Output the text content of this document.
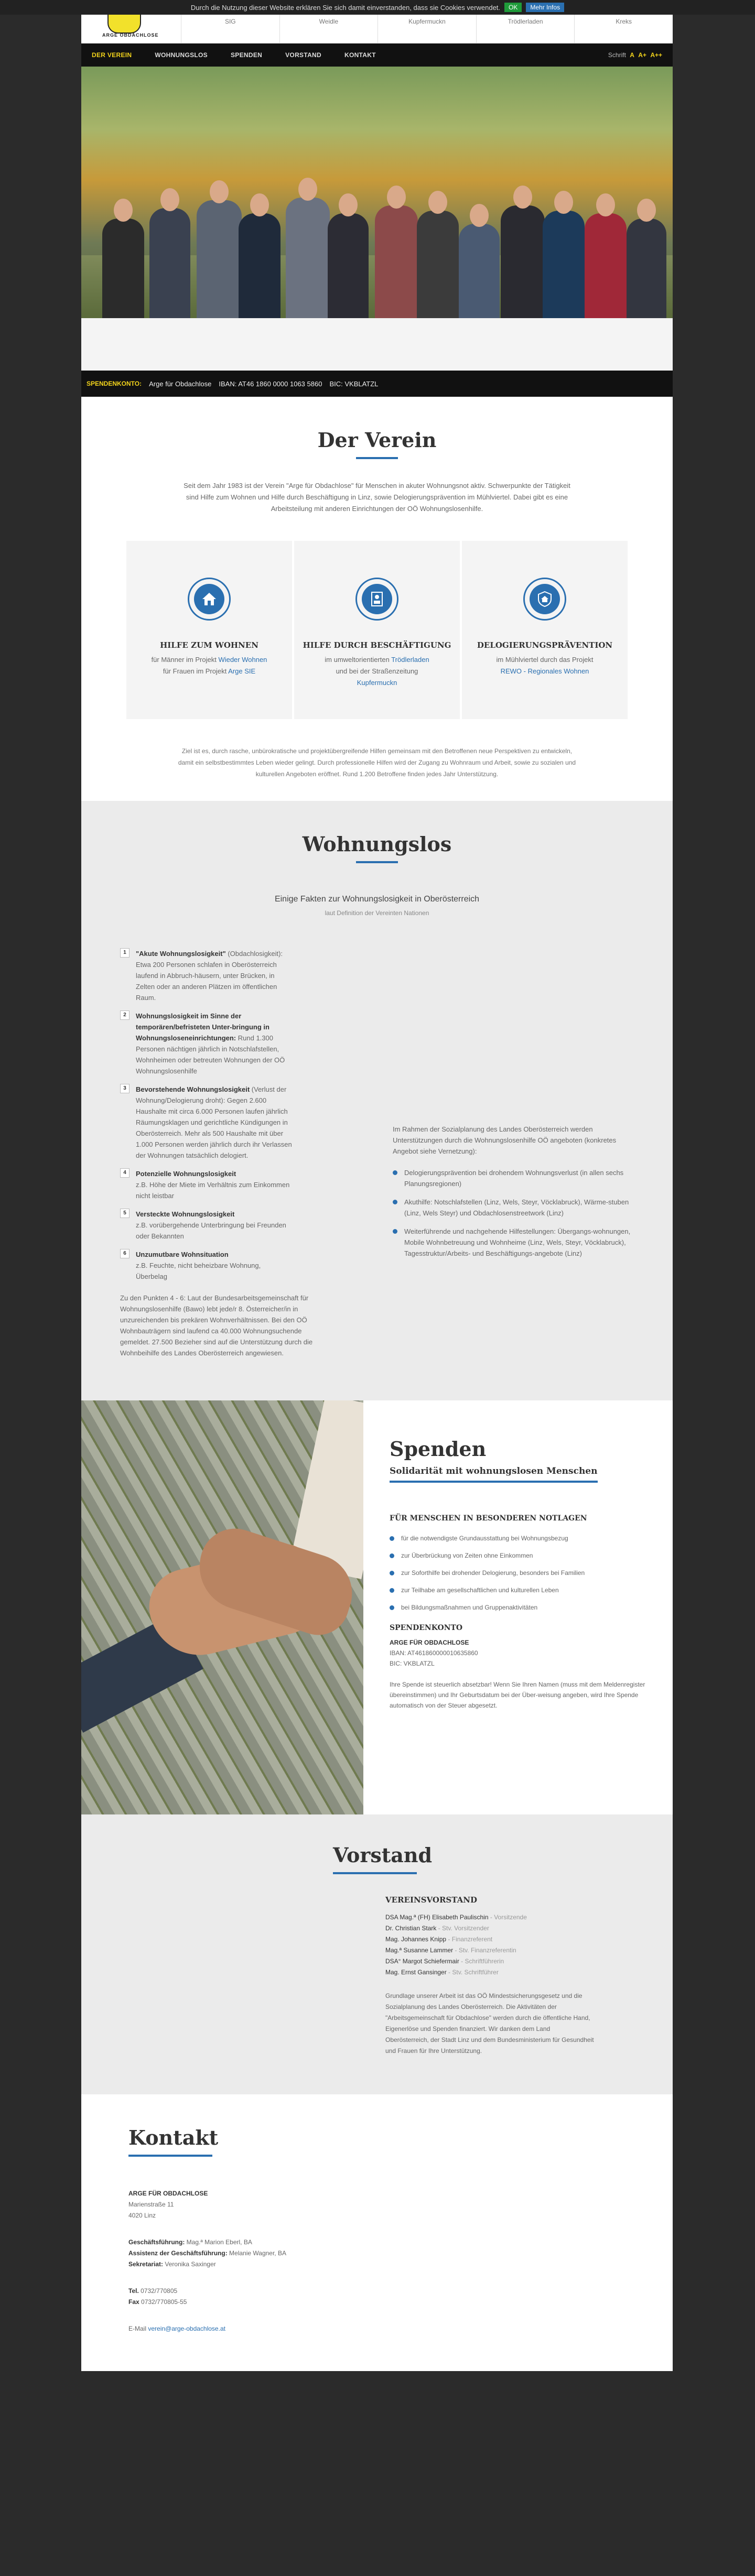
Durch die Nutzung dieser Website erklären Sie sich damit einverstanden, dass sie Cookies verwendet.	OK	Mehr Infos
ARGE OBDACHLOSE
SIG	Weidle	Kupfermuckn	Trödlerladen	Kreks
DER VEREIN	WOHNUNGSLOS	SPENDEN	VORSTAND	KONTAKT	Schrift A A+ A++
SPENDENKONTO: Arge für Obdachlose IBAN: AT46 1860 0000 1063 5860 BIC: VKBLATZL
Der Verein

Seit dem Jahr 1983 ist der Verein "Arge für Obdachlose" für Menschen in akuter Wohnungsnot aktiv. Schwerpunkte der Tätigkeit sind Hilfe zum Wohnen und Hilfe durch Beschäftigung in Linz, sowie Delogierungsprävention im Mühlviertel. Dabei gibt es eine Arbeitsteilung mit anderen Einrichtungen der OÖ Wohnungslosenhilfe.

HILFE ZUM WOHNEN

für Männer im Projekt Wieder Wohnen
für Frauen im Projekt Arge SIE

HILFE DURCH BESCHÄFTIGUNG

im umweltorientierten Trödlerladen
und bei der Straßenzeitung
Kupfermuckn

DELOGIERUNGSPRÄVENTION

im Mühlviertel durch das Projekt
REWO - Regionales Wohnen

Ziel ist es, durch rasche, unbürokratische und projektübergreifende Hilfen gemeinsam mit den Betroffenen neue Perspektiven zu entwickeln, damit ein selbstbestimmtes Leben wieder gelingt. Durch professionelle Hilfen wird der Zugang zu Wohnraum und Arbeit, sowie zu sozialen und kulturellen Angeboten eröffnet. Rund 1.200 Betroffene finden jedes Jahr Unterstützung.

Wohnungslos
Einige Fakten zur Wohnungslosigkeit in Oberösterreich
laut Definition der Vereinten Nationen
1	"Akute Wohnungslosigkeit" (Obdachlosigkeit): Etwa 200 Personen schlafen in Oberösterreich laufend in Abbruch-häusern, unter Brücken, in Zelten oder an anderen Plätzen im öffentlichen Raum.
2	Wohnungslosigkeit im Sinne der temporären/befristeten Unter-bringung in Wohnungsloseneinrichtungen: Rund 1.300 Personen nächtigen jährlich in Notschlafstellen, Wohnheimen oder betreuten Wohnungen der OÖ Wohnungslosenhilfe
3	Bevorstehende Wohnungslosigkeit (Verlust der Wohnung/Delogierung droht): Gegen 2.600 Haushalte mit circa 6.000 Personen laufen jährlich Räumungsklagen und gerichtliche Kündigungen in Oberösterreich. Mehr als 500 Haushalte mit über 1.000 Personen werden jährlich durch ihr Verlassen der Wohnungen tatsächlich delogiert.
4	Potenzielle Wohnungslosigkeit
z.B. Höhe der Miete im Verhältnis zum Einkommen nicht leistbar
5	Versteckte Wohnungslosigkeit
z.B. vorübergehende Unterbringung bei Freunden oder Bekannten
6	Unzumutbare Wohnsituation
z.B. Feuchte, nicht beheizbare Wohnung, Überbelag
Zu den Punkten 4 - 6: Laut der Bundesarbeitsgemeinschaft für Wohnungslosenhilfe (Bawo) lebt jede/r 8. Österreicher/in in unzureichenden bis prekären Wohnverhältnissen. Bei den OÖ Wohnbauträgern sind laufend ca 40.000 Wohnungsuchende gemeldet. 27.500 Bezieher sind auf die Unterstützung durch die Wohnbeihilfe des Landes Oberösterreich angewiesen.

Im Rahmen der Sozialplanung des Landes Oberösterreich werden Unterstützungen durch die Wohnungslosenhilfe OÖ angeboten (konkretes Angebot siehe Vernetzung):

Delogierungsprävention bei drohendem Wohnungsverlust (in allen sechs Planungsregionen)
Akuthilfe: Notschlafstellen (Linz, Wels, Steyr, Vöcklabruck), Wärme-stuben (Linz, Wels Steyr) und Obdachlosenstreetwork (Linz)
Weiterführende und nachgehende Hilfestellungen: Übergangs-wohnungen, Mobile Wohnbetreuung und Wohnheime (Linz, Wels, Steyr, Vöcklabruck), Tagesstruktur/Arbeits- und Beschäftigungs-angebote (Linz)
Spenden
Solidarität mit wohnungslosen Menschen
FÜR MENSCHEN IN BESONDEREN NOTLAGEN
für die notwendigste Grundausstattung bei Wohnungsbezug
zur Überbrückung von Zeiten ohne Einkommen
zur Soforthilfe bei drohender Delogierung, besonders bei Familien
zur Teilhabe am gesellschaftlichen und kulturellen Leben
bei Bildungsmaßnahmen und Gruppenaktivitäten
SPENDENKONTO
ARGE FÜR OBDACHLOSE
IBAN: AT461860000010635860
BIC: VKBLATZL
Ihre Spende ist steuerlich absetzbar! Wenn Sie Ihren Namen (muss mit dem Meldenregister übereinstimmen) und Ihr Geburtsdatum bei der Über-weisung angeben, wird Ihre Spende automatisch von der Steuer abgesetzt.
Vorstand
VEREINSVORSTAND
DSA Mag.ª (FH) Elisabeth Paulischin - Vorsitzende
Dr. Christian Stark - Stv. Vorsitzender
Mag. Johannes Knipp - Finanzreferent
Mag.ª Susanne Lammer - Stv. Finanzreferentin
DSA° Margot Schiefermair - Schriftführerin
Mag. Ernst Gansinger - Stv. Schriftführer

Grundlage unserer Arbeit ist das OÖ Mindestsicherungsgesetz und die Sozialplanung des Landes Oberösterreich. Die Aktivitäten der "Arbeitsgemeinschaft für Obdachlose" werden durch die öffentliche Hand, Eigenerlöse und Spenden finanziert. Wir danken dem Land Oberösterreich, der Stadt Linz und dem Bundesministerium für Gesundheit und Frauen für Ihre Unterstützung.

Kontakt
ARGE FÜR OBDACHLOSE
Marienstraße 11
4020 Linz
Geschäftsführung: Mag.ª Marion Eberl, BA
Assistenz der Geschäftsführung: Melanie Wagner, BA
Sekretariat: Veronika Saxinger
Tel. 0732/770805
Fax 0732/770805-55
E-Mail verein@arge-obdachlose.at
